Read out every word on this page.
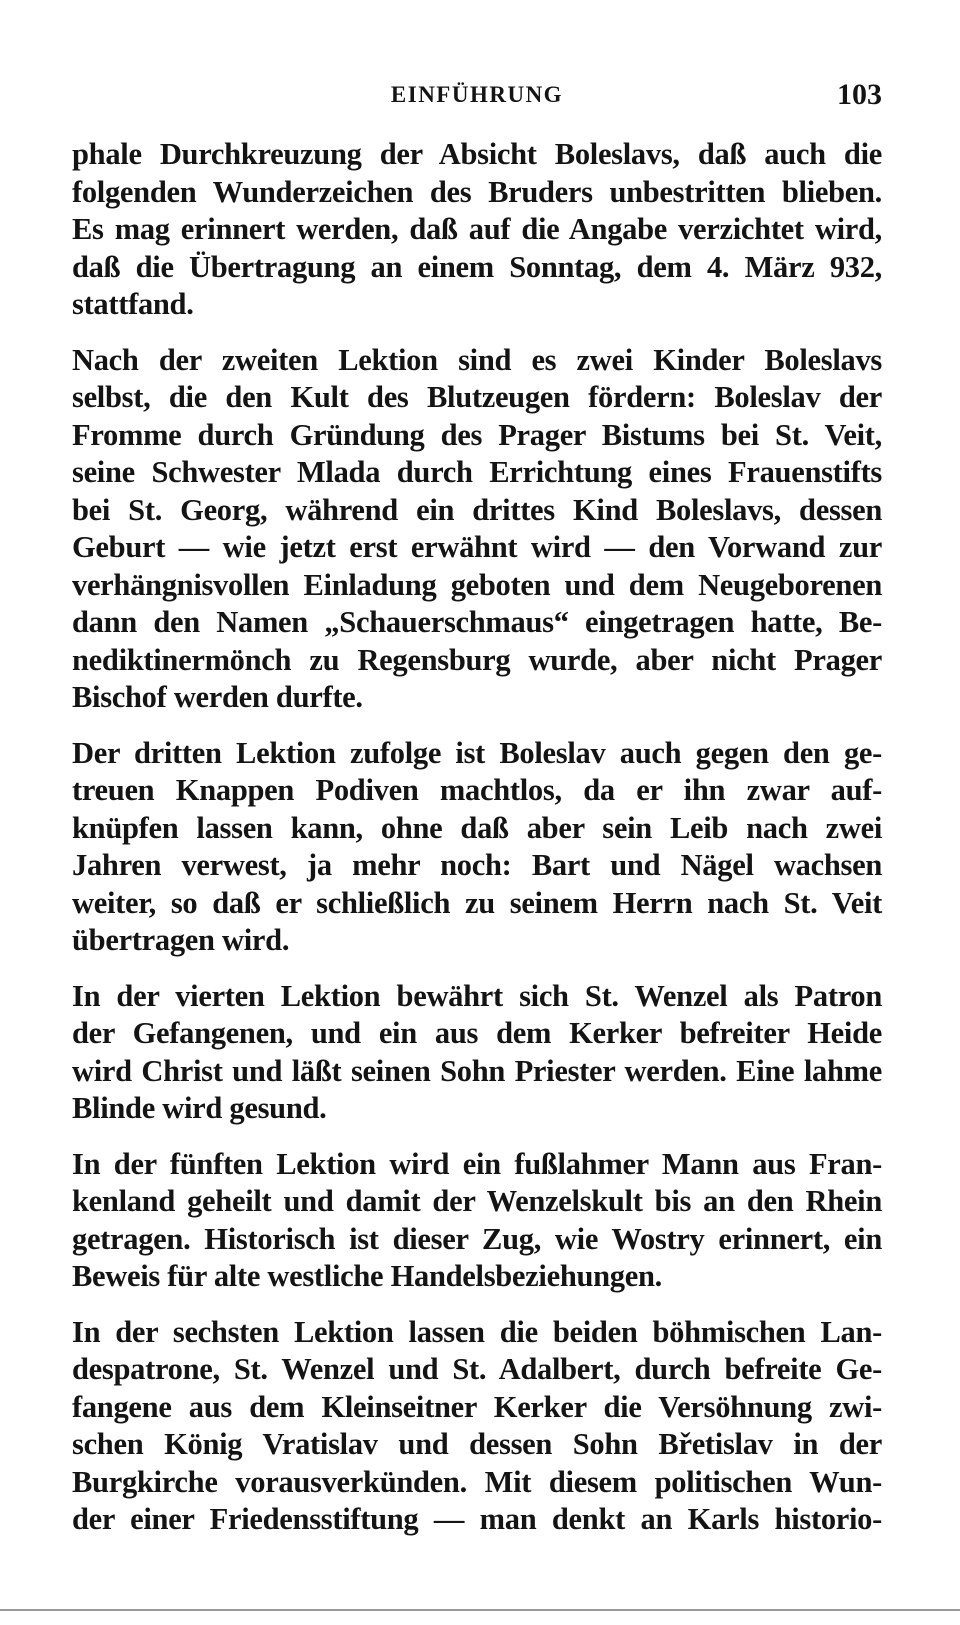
EINFÜHRUNG	103

phale Durchkreuzung der Absicht Boleslavs, daß auch die
folgenden Wunderzeichen des Bruders unbestritten blieben.
Es mag erinnert werden, daß auf die Angabe verzichtet wird,
daß die Übertragung an einem Sonntag, dem 4. März 932,
stattfand.

Nach der zweiten Lektion sind es zwei Kinder Boleslavs
selbst, die den Kult des Blutzeugen fördern: Boleslav der
Fromme durch Gründung des Prager Bistums bei St. Veit,
seine Schwester Mlada durch Errichtung eines Frauenstifts
bei St. Georg, während ein drittes Kind Boleslavs, dessen
Geburt — wie jetzt erst erwähnt wird — den Vorwand zur
verhängnisvollen Einladung geboten und dem Neugeborenen
dann den Namen „Schauerschmaus“ eingetragen hatte, Be-
nediktinermönch zu Regensburg wurde, aber nicht Prager
Bischof werden durfte.

Der dritten Lektion zufolge ist Boleslav auch gegen den ge-
treuen Knappen Podiven machtlos, da er ihn zwar auf-
knüpfen lassen kann, ohne daß aber sein Leib nach zwei
Jahren verwest, ja mehr noch: Bart und Nägel wachsen
weiter, so daß er schließlich zu seinem Herrn nach St. Veit
übertragen wird.

In der vierten Lektion bewährt sich St. Wenzel als Patron
der Gefangenen, und ein aus dem Kerker befreiter Heide
wird Christ und läßt seinen Sohn Priester werden. Eine lahme
Blinde wird gesund.

In der fünften Lektion wird ein fußlahmer Mann aus Fran-
kenland geheilt und damit der Wenzelskult bis an den Rhein
getragen. Historisch ist dieser Zug, wie Wostry erinnert, ein
Beweis für alte westliche Handelsbeziehungen.

In der sechsten Lektion lassen die beiden böhmischen Lan-
despatrone, St. Wenzel und St. Adalbert, durch befreite Ge-
fangene aus dem Kleinseitner Kerker die Versöhnung zwi-
schen König Vratislav und dessen Sohn Břetislav in der
Burgkirche vorausverkünden. Mit diesem politischen Wun-
der einer Friedensstiftung — man denkt an Karls historio-
